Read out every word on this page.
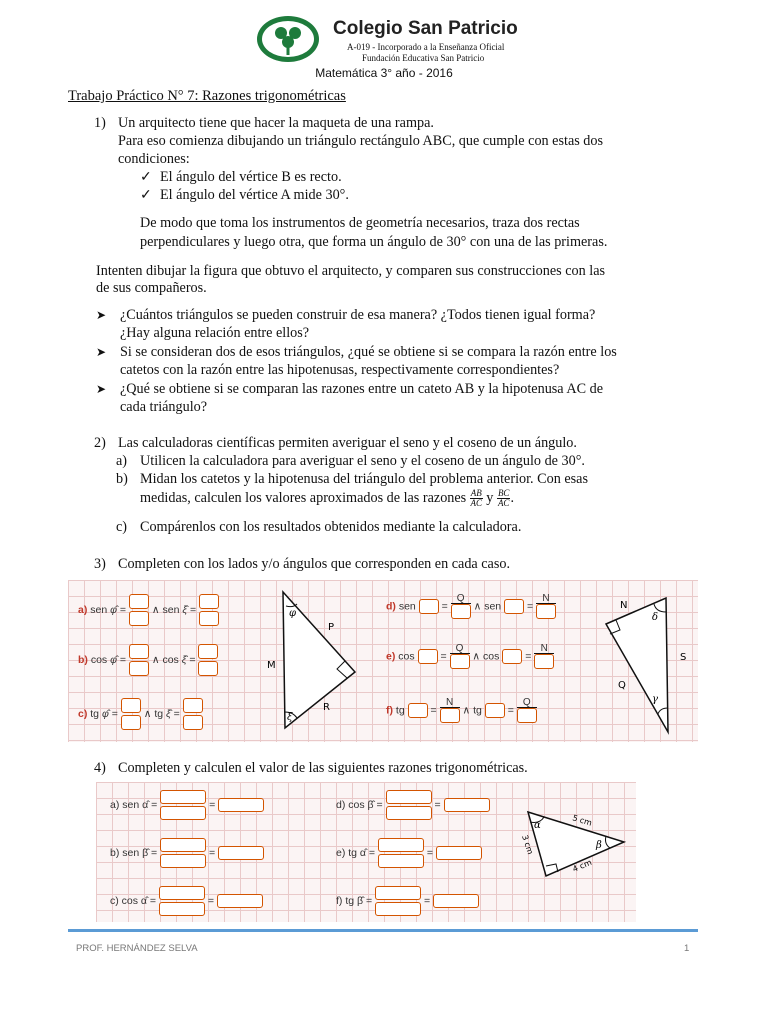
Colegio San Patricio
A-019 - Incorporado a la Enseñanza Oficial
Fundación Educativa San Patricio
Matemática 3° año - 2016
Trabajo Práctico N° 7: Razones trigonométricas
1) Un arquitecto tiene que hacer la maqueta de una rampa.
Para eso comienza dibujando un triángulo rectángulo ABC, que cumple con estas dos
condiciones:
✓ El ángulo del vértice B es recto.
✓ El ángulo del vértice A mide 30°.
De modo que toma los instrumentos de geometría necesarios, traza dos rectas
perpendiculares y luego otra, que forma un ángulo de 30° con una de las primeras.
Intenten dibujar la figura que obtuvo el arquitecto, y comparen sus construcciones con las
de sus compañeros.
➤ ¿Cuántos triángulos se pueden construir de esa manera? ¿Todos tienen igual forma?
¿Hay alguna relación entre ellos?
➤ Si se consideran dos de esos triángulos, ¿qué se obtiene si se compara la razón entre los
catetos con la razón entre las hipotenusas, respectivamente correspondientes?
➤ ¿Qué se obtiene si se comparan las razones entre un cateto AB y la hipotenusa AC de
cada triángulo?
2) Las calculadoras científicas permiten averiguar el seno y el coseno de un ángulo.
a) Utilicen la calculadora para averiguar el seno y el coseno de un ángulo de 30°.
b) Midan los catetos y la hipotenusa del triángulo del problema anterior. Con esas
medidas, calculen los valores aproximados de las razones $\frac{AB}{AC}$ y $\frac{BC}{AC}$ .
c) Compárenlos con los resultados obtenidos mediante la calculadora.
3) Completen con los lados y/o ángulos que corresponden en cada caso.
a) sen φ̂ =
∧ sen ξ̂ =
b) cos φ̂ =
∧ cos ξ̂ =
c) tg φ̂ =
∧ tg ξ̂ =
φ
P
M
R
ξ
d) sen  =
Q
∧ sen  =
N
e) cos  =
Q
∧ cos  =
N
f) tg  =
N
∧ tg  =
Q
N
δ
S
Q
γ
4) Completen y calculen el valor de las siguientes razones trigonométricas.
a) sen α̂ =	=
b) sen β̂ =	=
c) cos α̂ =	=
d) cos β̂ =	=
e) tg α̂ =	=
f) tg β̂ =	=
α
β
5 cm
3 cm
4 cm
PROF. HERNÁNDEZ SELVA	1
